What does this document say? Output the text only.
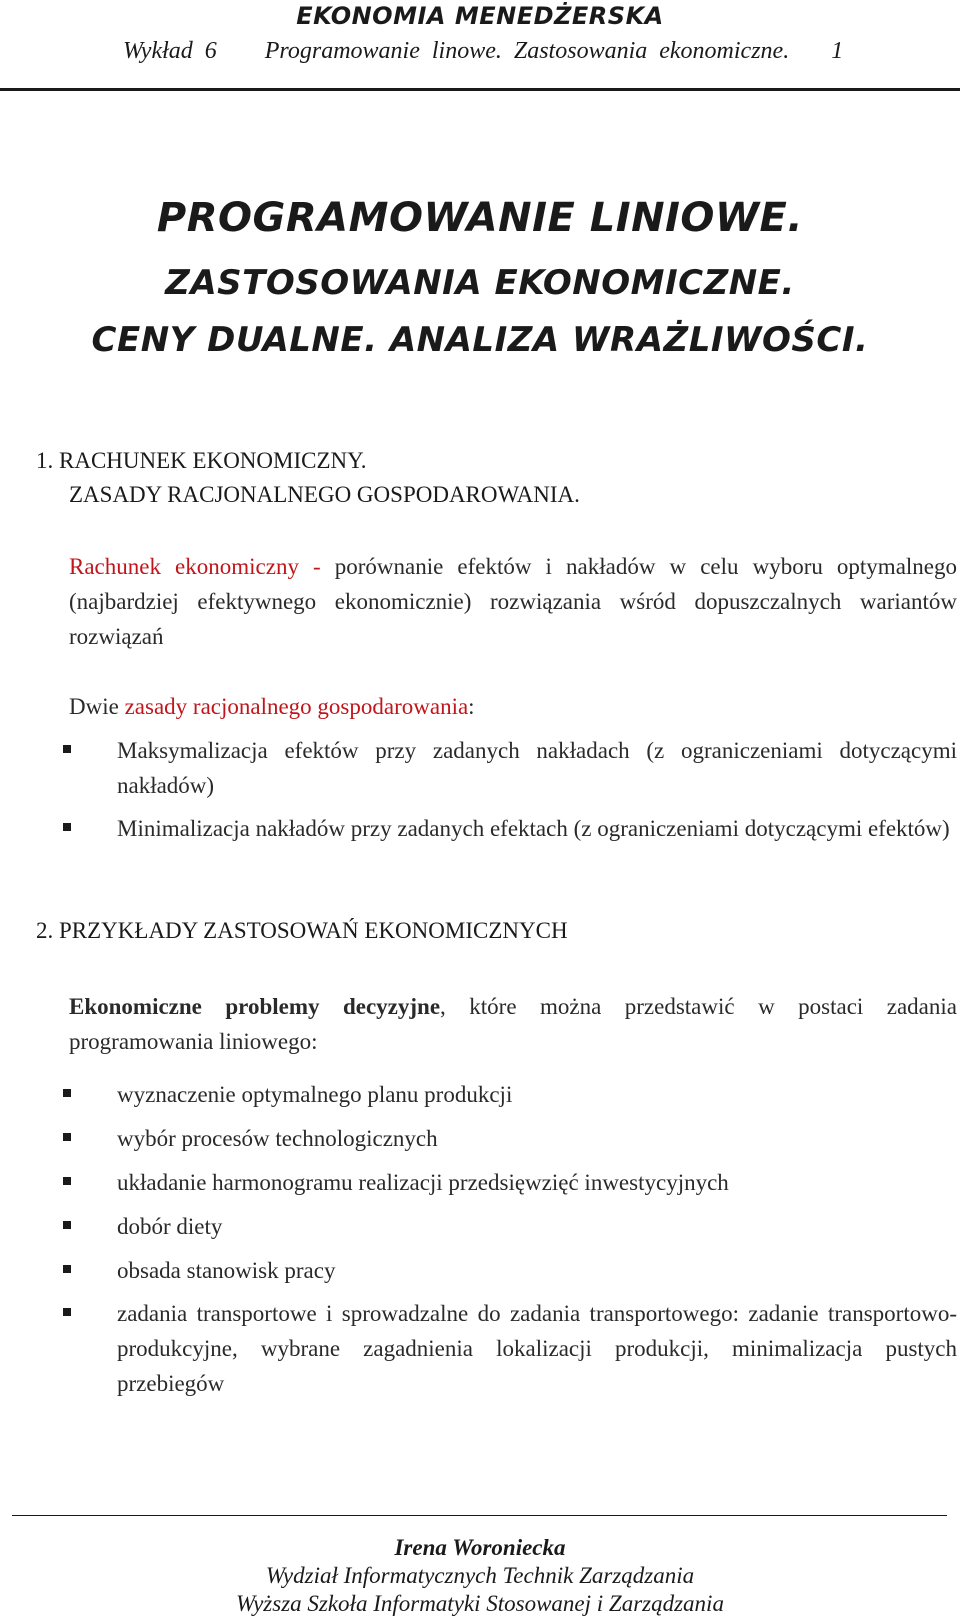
EKONOMIA MENEDŻERSKA
Wykład 6 Programowanie linowe. Zastosowania ekonomiczne. 1
PROGRAMOWANIE LINIOWE.
ZASTOSOWANIA EKONOMICZNE.
CENY DUALNE. ANALIZA WRAŻLIWOŚCI.
1. RACHUNEK EKONOMICZNY.
ZASADY RACJONALNEGO GOSPODAROWANIA.
Rachunek ekonomiczny - porównanie efektów i nakładów w celu wyboru optymalnego (najbardziej efektywnego ekonomicznie) rozwiązania wśród dopuszczalnych wariantów rozwiązań
Dwie zasady racjonalnego gospodarowania:
Maksymalizacja efektów przy zadanych nakładach (z ograniczeniami dotyczącymi nakładów)
Minimalizacja nakładów przy zadanych efektach (z ograniczeniami dotyczącymi efektów)
2. PRZYKŁADY ZASTOSOWAŃ EKONOMICZNYCH
Ekonomiczne problemy decyzyjne, które można przedstawić w postaci zadania programowania liniowego:
wyznaczenie optymalnego planu produkcji
wybór procesów technologicznych
układanie harmonogramu realizacji przedsięwzięć inwestycyjnych
dobór diety
obsada stanowisk pracy
zadania transportowe i sprowadzalne do zadania transportowego: zadanie transportowo-produkcyjne, wybrane zagadnienia lokalizacji produkcji, minimalizacja pustych przebiegów
Irena Woroniecka
Wydział Informatycznych Technik Zarządzania
Wyższa Szkoła Informatyki Stosowanej i Zarządzania
